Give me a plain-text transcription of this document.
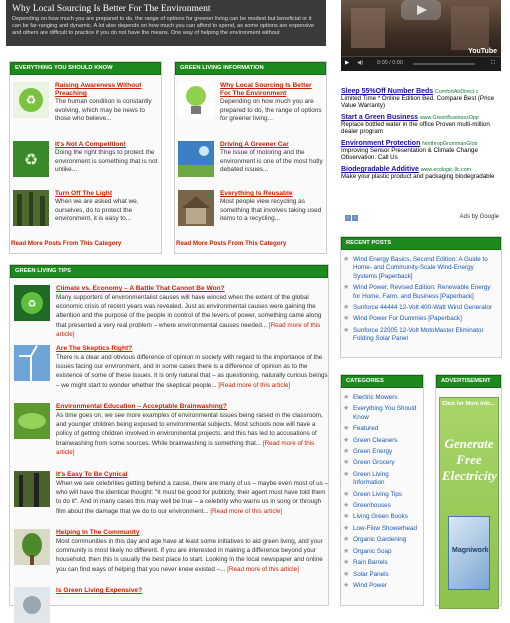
Why Local Sourcing Is Better For The Environment
Depending on how much you are prepared to do, the range of options for greener living can be modest but beneficial or it can be far-ranging and dynamic. A lot also depends on how much you can afford to spend, as some options are expensive and others are difficult to practice if you do not have the means. One way of helping the environment without
YouTube
▶ ◀)	0:00 / 0:00	⛶
Sleep 55%Off Number Beds ComfortAirDirect.c
Limited Time * Online Edition Bed. Compare Best (Price Value Warranty)
Start a Green Business www.GreenBusinessOpp
Replace bottled water in the office Proven multi-million dealer program
Environment Protection NorthropGrummanGlob
Improving Sensor Presentation & Climate Change Observation. Call Us
Biodegradable Additive www.ecologic-llc.com
Make your plastic product and packaging biodegradable
‹ ›	Ads by Google
EVERYTHING YOU SHOULD KNOW
♻
Raising Awareness Without Preaching
The human condition is constantly evolving, which may be news to those who believe...
♻
It's Not A Competition!
Doing the right things to protect the environment is something that is not unlike...
Turn Off The Light
When we are asked what we, ourselves, do to protect the environment, it is easy to...
Read More Posts From This Category
GREEN LIVING INFORMATION
Why Local Sourcing Is Better For The Environment
Depending on how much you are prepared to do, the range of options for greener living...
Driving A Greener Car
The issue of motoring and the environment is one of the most hotly debated issues...
Everything Is Reusable
Most people view recycling as something that involves taking used items to a recycling...
Read More Posts From This Category
GREEN LIVING TIPS
♻
Climate vs. Economy – A Battle That Cannot Be Won?
Many supporters of environmentalist causes will have winced when the extent of the global economic crisis of recent years was revealed. Just as environmental causes were gaining the attention and the purpose of the people in control of the levers of power, something came along that presented a very real problem – where environmental causes needed... [Read more of this article]
Are The Skeptics Right?
There is a clear and obvious difference of opinion in society with regard to the importance of the issues facing our environment, and in some cases there is a difference of opinion as to the existence of some of these issues. It is only natural that – as questioning, naturally curious beings – we might start to wonder whether the skeptical people... [Read more of this article]
Environmental Education – Acceptable Brainwashing?
As time goes on, we see more examples of environmental issues being raised in the classroom, and younger children being exposed to environmental subjects. Most schools now will have a policy of getting children involved in environmental projects, and this has led to accusations of brainwashing from some sources. While brainwashing is something that... [Read more of this article]
It's Easy To Be Cynical
When we see celebrities getting behind a cause, there are many of us – maybe even most of us – who will have the identical thought: "It must be good for publicity, their agent must have told them to do it". And in many cases this may well be true – a celebrity who warns us in song or through film about the damage that we do to our environment... [Read more of this article]
Helping In The Community
Most communities in this day and age have at least some initiatives to aid green living, and your community is most likely no different. If you are interested in making a difference beyond your household, then this is usually the best place to start. Looking in the local newspaper and online you can find ways of helping that you never knew existed –... [Read more of this article]
Is Green Living Expensive?
RECENT POSTS
★ Wind Energy Basics, Second Edition: A Guide to Home- and Community-Scale Wind-Energy Systems [Paperback]
★ Wind Power, Revised Edition: Renewable Energy for Home, Farm, and Business [Paperback]
★ Sunforce 44444 12-Volt 400-Watt Wind Generator
★ Wind Power For Dummies [Paperback]
★ Sunforce 22005 12-Volt MotoMaster Eliminator Folding Solar Panel
CATEGORIES
★ Electric Mowers
★ Everything You Should Know
★ Featured
★ Green Cleaners
★ Green Energy
★ Green Grocery
★ Green Living Information
★ Green Living Tips
★ Greenhouses
★ Living Green Books
★ Low-Flow Showerhead
★ Organic Gardening
★ Organic Soap
★ Rain Barrels
★ Solar Panels
★ Wind Power
ADVERTISEMENT
Click for More Info...
Generate Free Electricity
Magniwork
